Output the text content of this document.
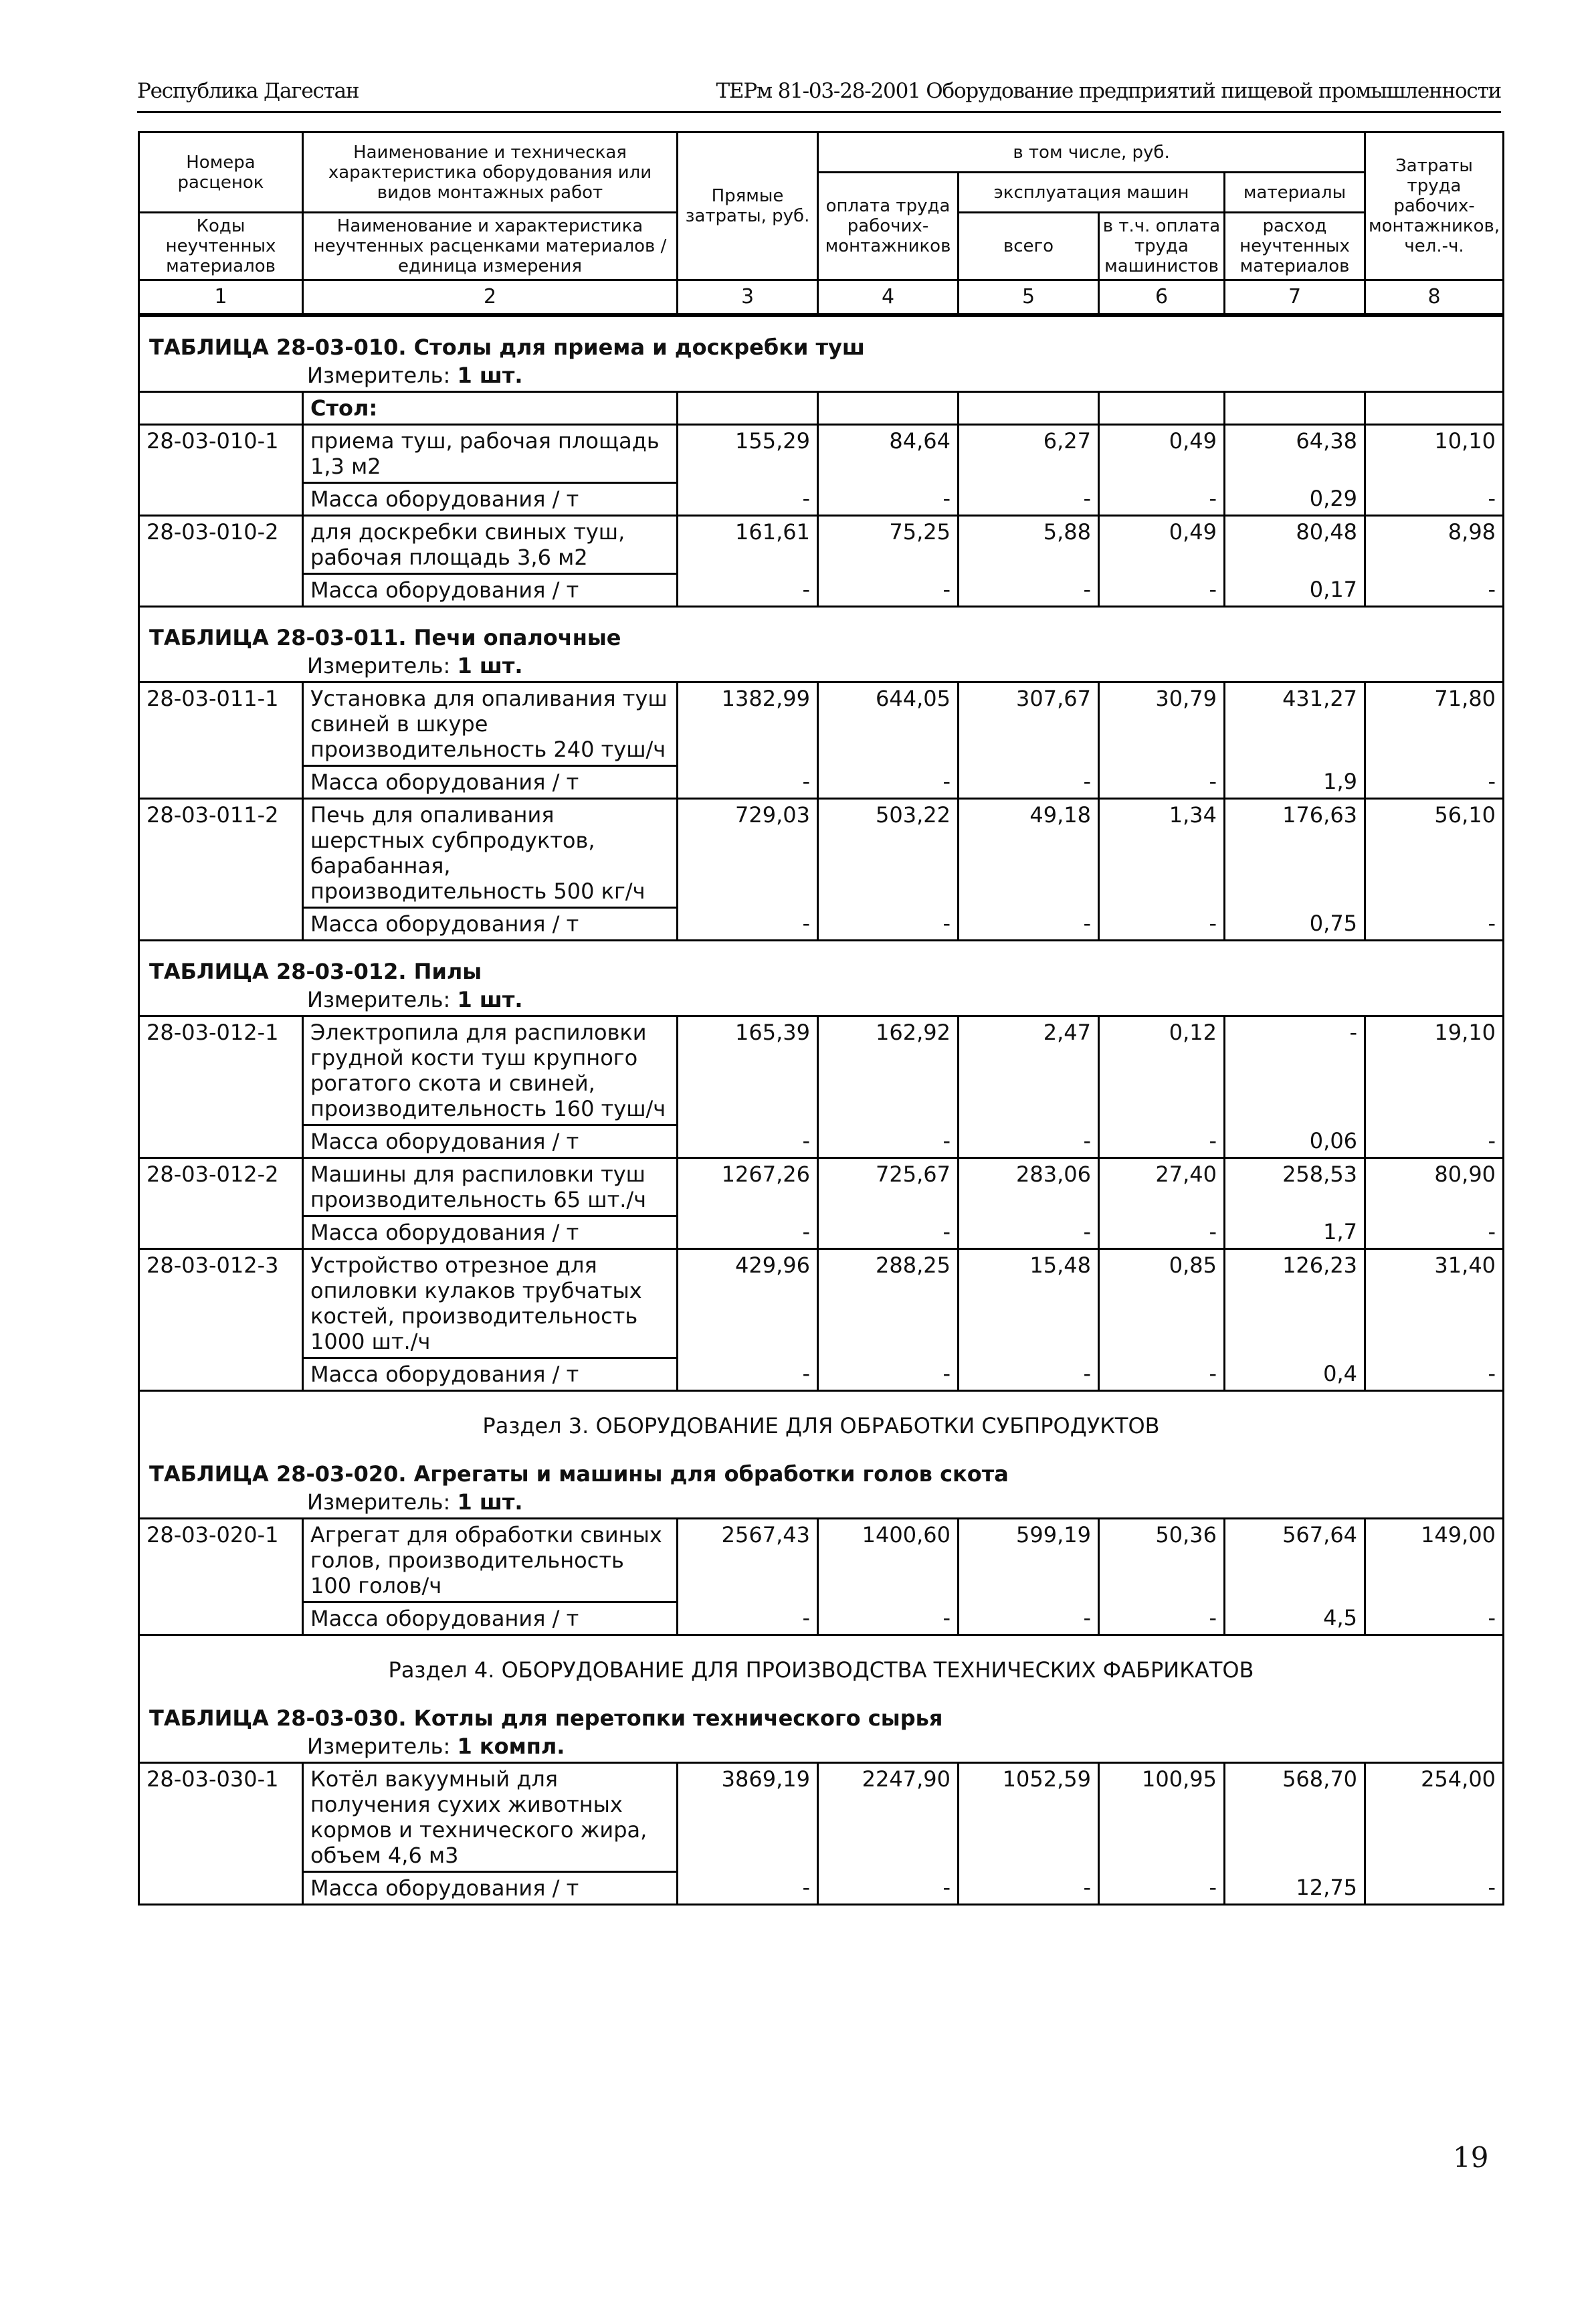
Республика Дагестан	ТЕРм 81-03-28-2001 Оборудование предприятий пищевой промышленности
Номера расценок	Наименование и техническая характеристика оборудования или видов монтажных работ	Прямые затраты, руб.	в том числе, руб.				Затраты труда рабочих-монтажников, чел.-ч.
			оплата труда рабочих-монтажников	эксплуатация машин		материалы	
Коды неучтенных материалов	Наименование и характеристика неучтенных расценками материалов / единица измерения			всего	в т.ч. оплата труда машинистов	расход неучтенных материалов	

1	2	3	4	5	6	7	8
ТАБЛИЦА 28-03-010. Столы для приема и доскребки туш							
Измеритель: 1 шт.							
	Стол:						
28-03-010-1	приема туш, рабочая площадь 1,3 м2	155,29	84,64	6,27	0,49	64,38	10,10
	Масса оборудования / т	-	-	-	-	0,29	-
28-03-010-2	для доскребки свиных туш, рабочая площадь 3,6 м2	161,61	75,25	5,88	0,49	80,48	8,98
	Масса оборудования / т	-	-	-	-	0,17	-
ТАБЛИЦА 28-03-011. Печи опалочные							
Измеритель: 1 шт.							
28-03-011-1	Установка для опаливания туш свиней в шкуре производительность 240 туш/ч	1382,99	644,05	307,67	30,79	431,27	71,80
	Масса оборудования / т	-	-	-	-	1,9	-
28-03-011-2	Печь для опаливания шерстных субпродуктов, барабанная, производительность 500 кг/ч	729,03	503,22	49,18	1,34	176,63	56,10
	Масса оборудования / т	-	-	-	-	0,75	-
ТАБЛИЦА 28-03-012. Пилы							
Измеритель: 1 шт.							
28-03-012-1	Электропила для распиловки грудной кости туш крупного рогатого скота и свиней, производительность 160 туш/ч	165,39	162,92	2,47	0,12	-	19,10
	Масса оборудования / т	-	-	-	-	0,06	-
28-03-012-2	Машины для распиловки туш производительность 65 шт./ч	1267,26	725,67	283,06	27,40	258,53	80,90
	Масса оборудования / т	-	-	-	-	1,7	-
28-03-012-3	Устройство отрезное для опиловки кулаков трубчатых костей, производительность 1000 шт./ч	429,96	288,25	15,48	0,85	126,23	31,40
	Масса оборудования / т	-	-	-	-	0,4	-
Раздел 3. ОБОРУДОВАНИЕ ДЛЯ ОБРАБОТКИ СУБПРОДУКТОВ							
ТАБЛИЦА 28-03-020. Агрегаты и машины для обработки голов скота							
Измеритель: 1 шт.							
28-03-020-1	Агрегат для обработки свиных голов, производительность 100 голов/ч	2567,43	1400,60	599,19	50,36	567,64	149,00
	Масса оборудования / т	-	-	-	-	4,5	-
Раздел 4. ОБОРУДОВАНИЕ ДЛЯ ПРОИЗВОДСТВА ТЕХНИЧЕСКИХ ФАБРИКАТОВ							
ТАБЛИЦА 28-03-030. Котлы для перетопки технического сырья							
Измеритель: 1 компл.							
28-03-030-1	Котёл вакуумный для получения сухих животных кормов и технического жира, объем 4,6 м3	3869,19	2247,90	1052,59	100,95	568,70	254,00
	Масса оборудования / т	-	-	-	-	12,75	-
19
